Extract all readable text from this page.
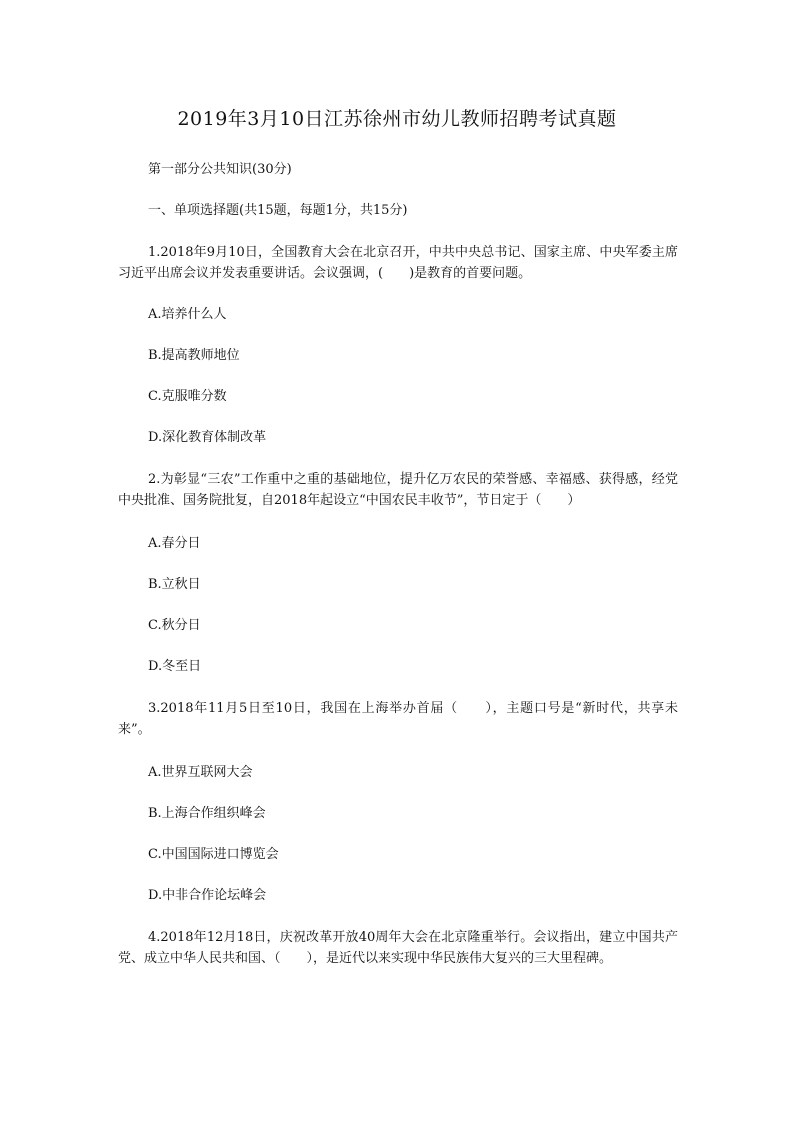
2019年3月10日江苏徐州市幼儿教师招聘考试真题
第一部分公共知识(30分)
一、单项选择题(共15题，每题1分，共15分)
1.2018年9月10日，全国教育大会在北京召开，中共中央总书记、国家主席、中央军委主席习近平出席会议并发表重要讲话。会议强调，(　　)是教育的首要问题。
A.培养什么人
B.提高教师地位
C.克服唯分数
D.深化教育体制改革
2.为彰显“三农”工作重中之重的基础地位，提升亿万农民的荣誉感、幸福感、获得感，经党中央批准、国务院批复，自2018年起设立“中国农民丰收节”，节日定于（　　）
A.春分日
B.立秋日
C.秋分日
D.冬至日
3.2018年11月5日至10日，我国在上海举办首届（　　），主题口号是“新时代，共享未来”。
A.世界互联网大会
B.上海合作组织峰会
C.中国国际进口博览会
D.中非合作论坛峰会
4.2018年12月18日，庆祝改革开放40周年大会在北京隆重举行。会议指出，建立中国共产党、成立中华人民共和国、（　　），是近代以来实现中华民族伟大复兴的三大里程碑。
